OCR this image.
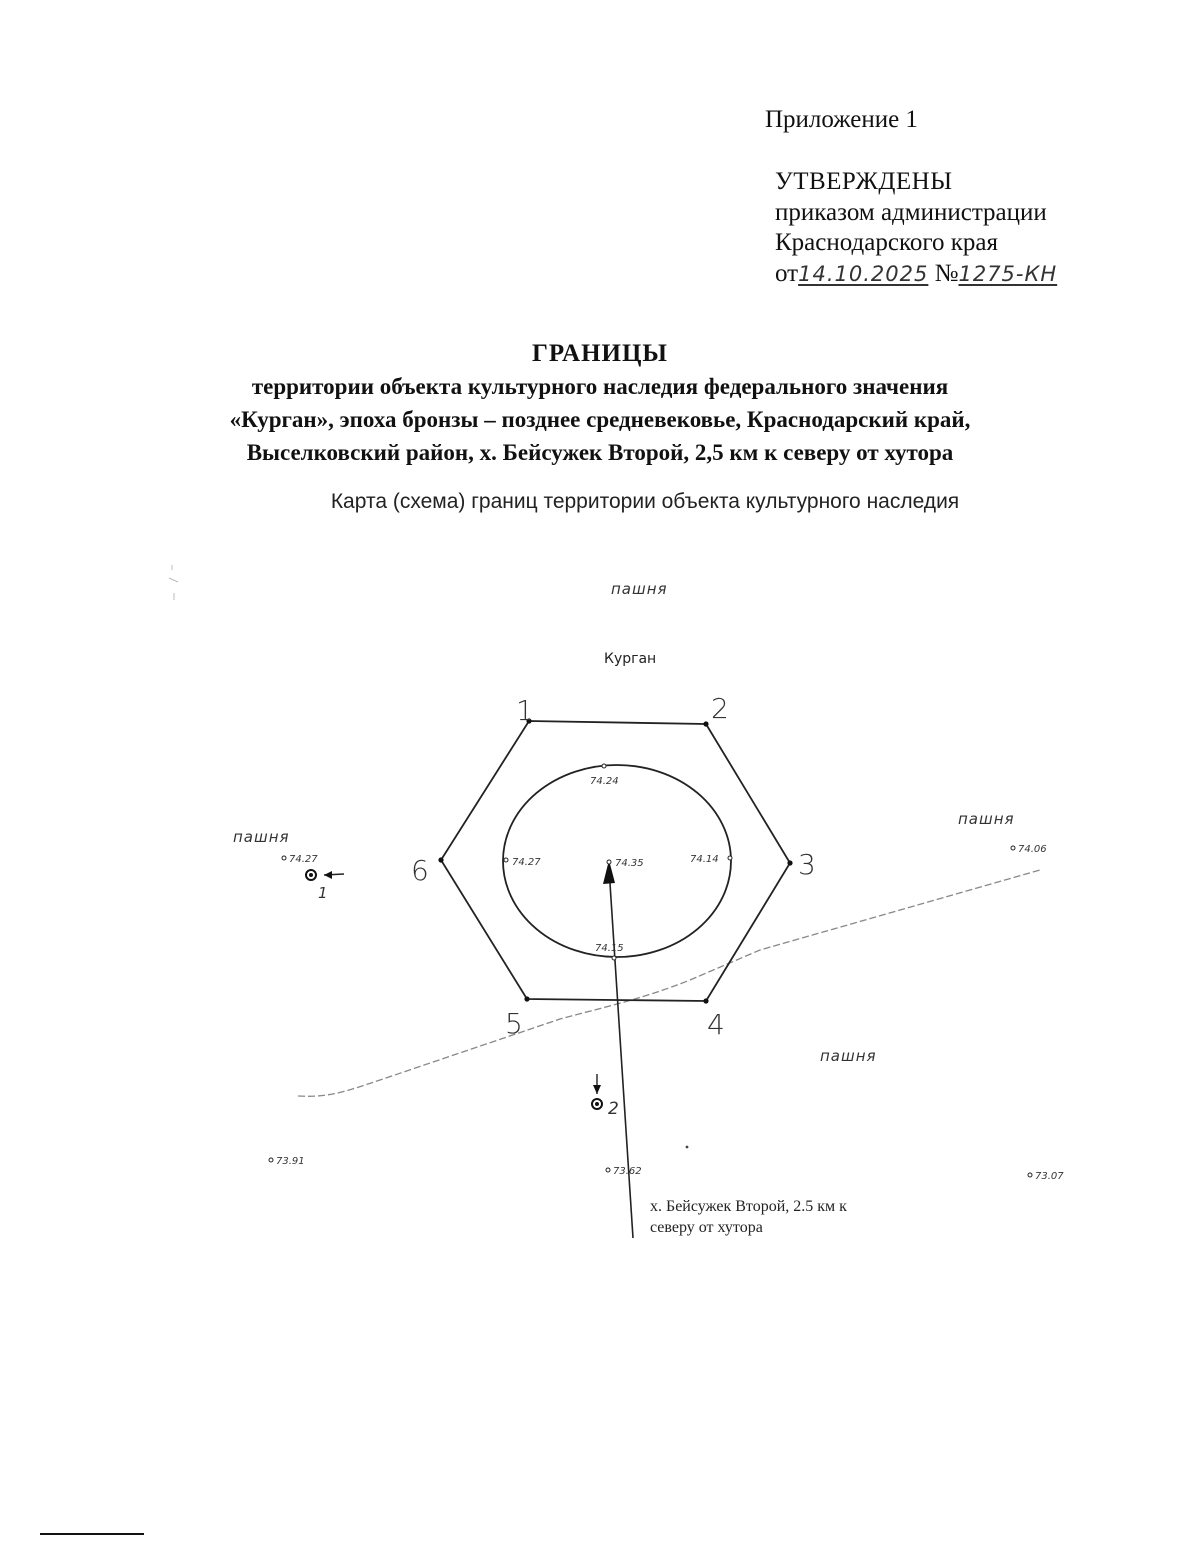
Приложение 1
УТВЕРЖДЕНЫ
приказом администрации
Краснодарского края
от14.10.2025 №1275-КН

ГРАНИЦЫ

территории объекта культурного наследия федерального значения

«Курган», эпоха бронзы – позднее средневековье, Краснодарский край,

Выселковский район, х. Бейсужек Второй, 2,5 км к северу от хутора

Карта (схема) границ территории объекта культурного наследия
1	2
3
4
5
6
74.24
74.27	74.35	74.14
74.15
74.27
74.06
73.91
73.62	73.07
1
2
пашня
пашня
пашня
пашня
Курган
х. Бейсужек Второй, 2.5 км к
северу от хутора
